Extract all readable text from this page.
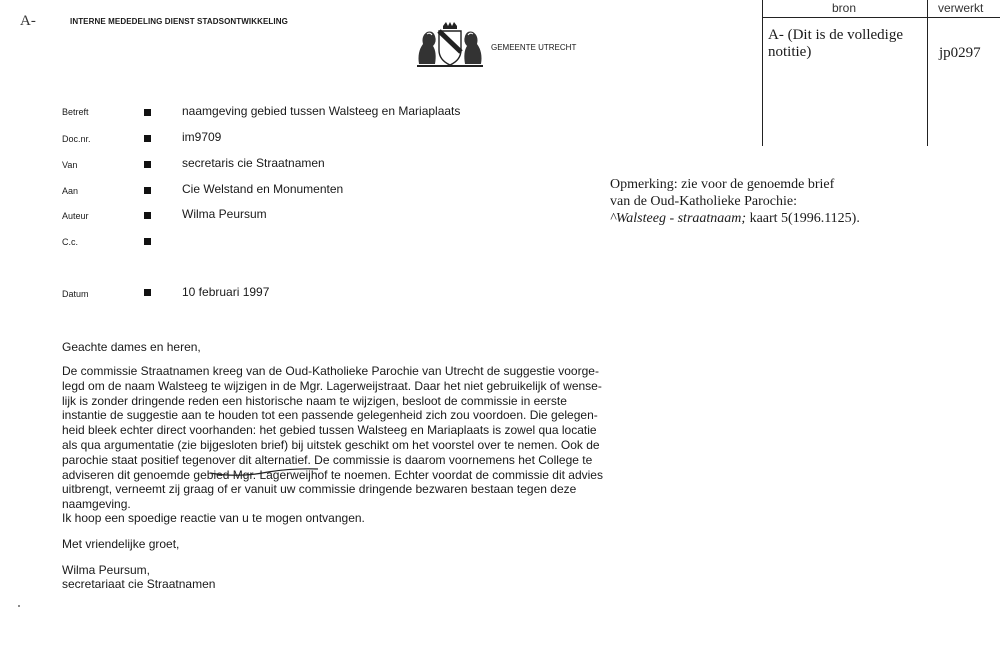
A-	INTERNE MEDEDELING DIENST STADSONTWIKKELING
GEMEENTE UTRECHT
bron	verwerkt
A- (Dit is de volledige notitie)	jp0297
Opmerking: zie voor de genoemde brief
van de Oud-Katholieke Parochie:
^Walsteeg - straatnaam; kaart 5(1996.1125).
Betreft	naamgeving gebied tussen Walsteeg en Mariaplaats
Doc.nr.	im9709
Van	secretaris cie Straatnamen
Aan	Cie Welstand en Monumenten
Auteur	Wilma Peursum
C.c.
Datum	10 februari 1997
Geachte dames en heren,
De commissie Straatnamen kreeg van de Oud-Katholieke Parochie van Utrecht de suggestie voorge-
legd om de naam Walsteeg te wijzigen in de Mgr. Lagerweijstraat. Daar het niet gebruikelijk of wense-
lijk is zonder dringende reden een historische naam te wijzigen, besloot de commissie in eerste
instantie de suggestie aan te houden tot een passende gelegenheid zich zou voordoen. Die gelegen-
heid bleek echter direct voorhanden: het gebied tussen Walsteeg en Mariaplaats is zowel qua locatie
als qua argumentatie (zie bijgesloten brief) bij uitstek geschikt om het voorstel over te nemen. Ook de
parochie staat positief tegenover dit alternatief. De commissie is daarom voornemens het College te
adviseren dit genoemde gebied Mgr. Lagerweijhof te noemen. Echter voordat de commissie dit advies
uitbrengt, verneemt zij graag of er vanuit uw commissie dringende bezwaren bestaan tegen deze
naamgeving.
Ik hoop een spoedige reactie van u te mogen ontvangen.
Met vriendelijke groet,
Wilma Peursum,
secretariaat cie Straatnamen
